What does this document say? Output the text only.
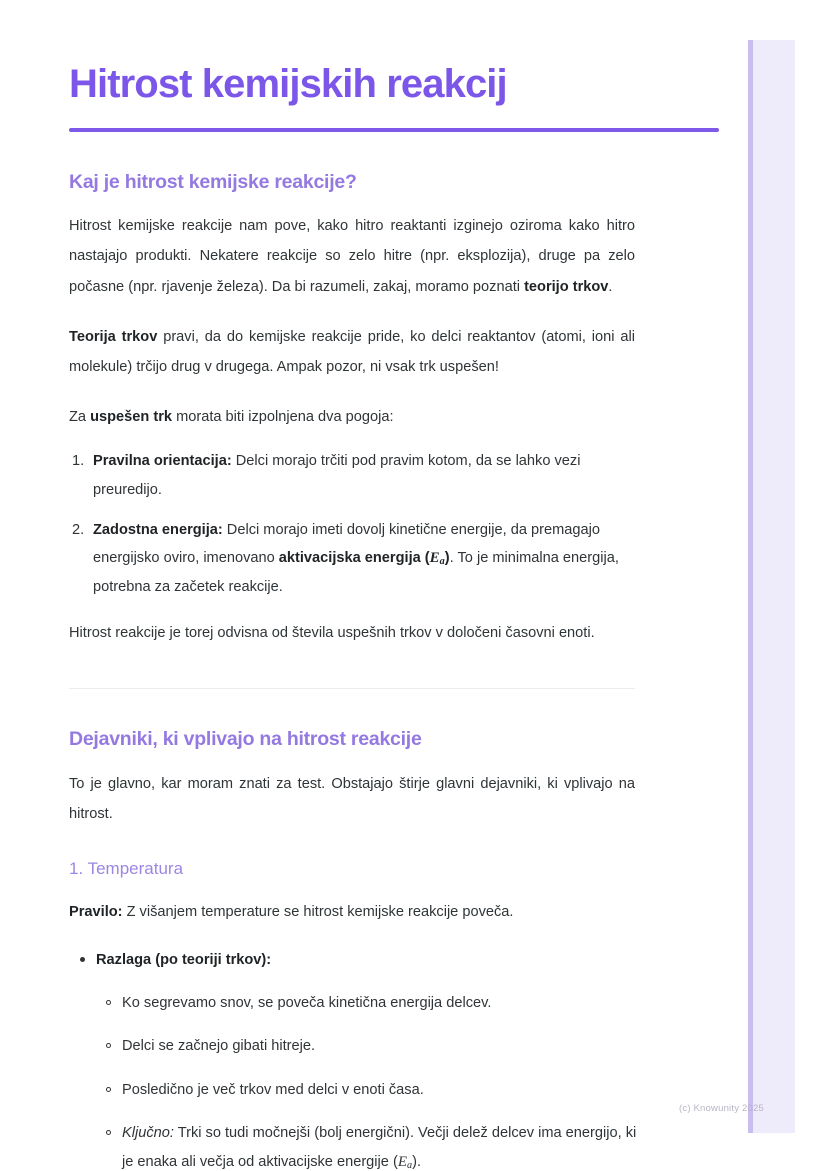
Hitrost kemijskih reakcij
Kaj je hitrost kemijske reakcije?

Hitrost kemijske reakcije nam pove, kako hitro reaktanti izginejo oziroma kako hitro nastajajo produkti. Nekatere reakcije so zelo hitre (npr. eksplozija), druge pa zelo počasne (npr. rjavenje železa). Da bi razumeli, zakaj, moramo poznati teorijo trkov.

Teorija trkov pravi, da do kemijske reakcije pride, ko delci reaktantov (atomi, ioni ali molekule) trčijo drug v drugega. Ampak pozor, ni vsak trk uspešen!

Za uspešen trk morata biti izpolnjena dva pogoja:

Pravilna orientacija: Delci morajo trčiti pod pravim kotom, da se lahko vezi preuredijo.
Zadostna energija: Delci morajo imeti dovolj kinetične energije, da premagajo energijsko oviro, imenovano aktivacijska energija $(E_a)$. To je minimalna energija, potrebna za začetek reakcije.

Hitrost reakcije je torej odvisna od števila uspešnih trkov v določeni časovni enoti.

Dejavniki, ki vplivajo na hitrost reakcije

To je glavno, kar moram znati za test. Obstajajo štirje glavni dejavniki, ki vplivajo na hitrost.

1. Temperatura

Pravilo: Z višanjem temperature se hitrost kemijske reakcije poveča.

Razlaga (po teoriji trkov):
Ko segrevamo snov, se poveča kinetična energija delcev.
Delci se začnejo gibati hitreje.
Posledično je več trkov med delci v enoti časa.
Ključno: Trki so tudi močnejši (bolj energični). Večji delež delcev ima energijo, ki je enaka ali večja od aktivacijske energije $(E_a)$.
(c) Knowunity 2025
